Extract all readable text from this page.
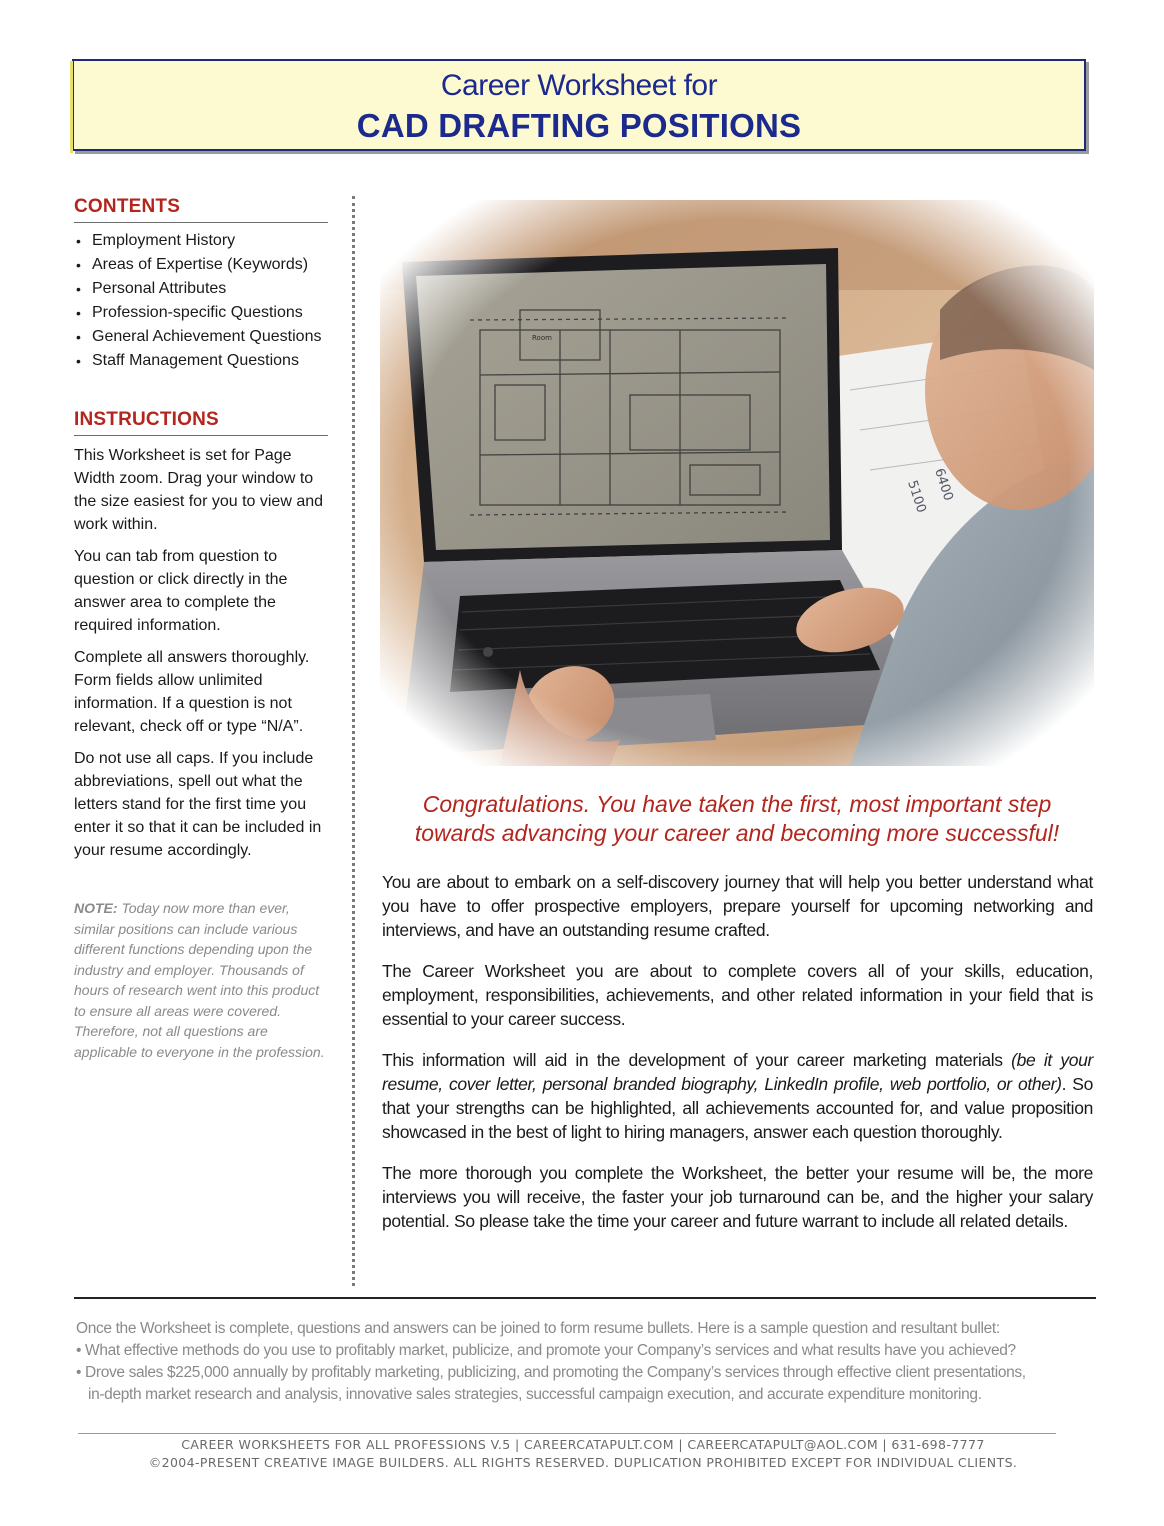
Career Worksheet for
CAD DRAFTING POSITIONS
CONTENTS
• Employment History
• Areas of Expertise (Keywords)
• Personal Attributes
• Profession-specific Questions
• General Achievement Questions
• Staff Management Questions
INSTRUCTIONS

This Worksheet is set for Page Width zoom. Drag your window to the size easiest for you to view and work within.

You can tab from question to question or click directly in the answer area to complete the required information.

Complete all answers thoroughly. Form fields allow unlimited information. If a question is not relevant, check off or type “N/A”.

Do not use all caps. If you include abbreviations, spell out what the letters stand for the first time you enter it so that it can be included in your resume accordingly.

NOTE: Today now more than ever, similar positions can include various different functions depending upon the industry and employer. Thousands of hours of research went into this product to ensure all areas were covered. Therefore, not all questions are applicable to everyone in the profession.
Congratulations. You have taken the first, most important step
towards advancing your career and becoming more successful!

You are about to embark on a self-discovery journey that will help you better understand what you have to offer prospective employers, prepare yourself for upcoming networking and interviews, and have an outstanding resume crafted.

The Career Worksheet you are about to complete covers all of your skills, education, employment, responsibilities, achievements, and other related information in your field that is essential to your career success.

This information will aid in the development of your career marketing materials (be it your resume, cover letter, personal branded biography, LinkedIn profile, web portfolio, or other). So that your strengths can be highlighted, all achievements accounted for, and value proposition showcased in the best of light to hiring managers, answer each question thoroughly.

The more thorough you complete the Worksheet, the better your resume will be, the more interviews you will receive, the faster your job turnaround can be, and the higher your salary potential. So please take the time your career and future warrant to include all related details.

Once the Worksheet is complete, questions and answers can be joined to form resume bullets. Here is a sample question and resultant bullet:
• What effective methods do you use to profitably market, publicize, and promote your Company’s services and what results have you achieved?
• Drove sales $225,000 annually by profitably marketing, publicizing, and promoting the Company’s services through effective client presentations,
in-depth market research and analysis, innovative sales strategies, successful campaign execution, and accurate expenditure monitoring.
CAREER WORKSHEETS FOR ALL PROFESSIONS V.5 | CAREERCATAPULT.COM | CAREERCATAPULT@AOL.COM | 631-698-7777
©2004-PRESENT CREATIVE IMAGE BUILDERS. ALL RIGHTS RESERVED. DUPLICATION PROHIBITED EXCEPT FOR INDIVIDUAL CLIENTS.
